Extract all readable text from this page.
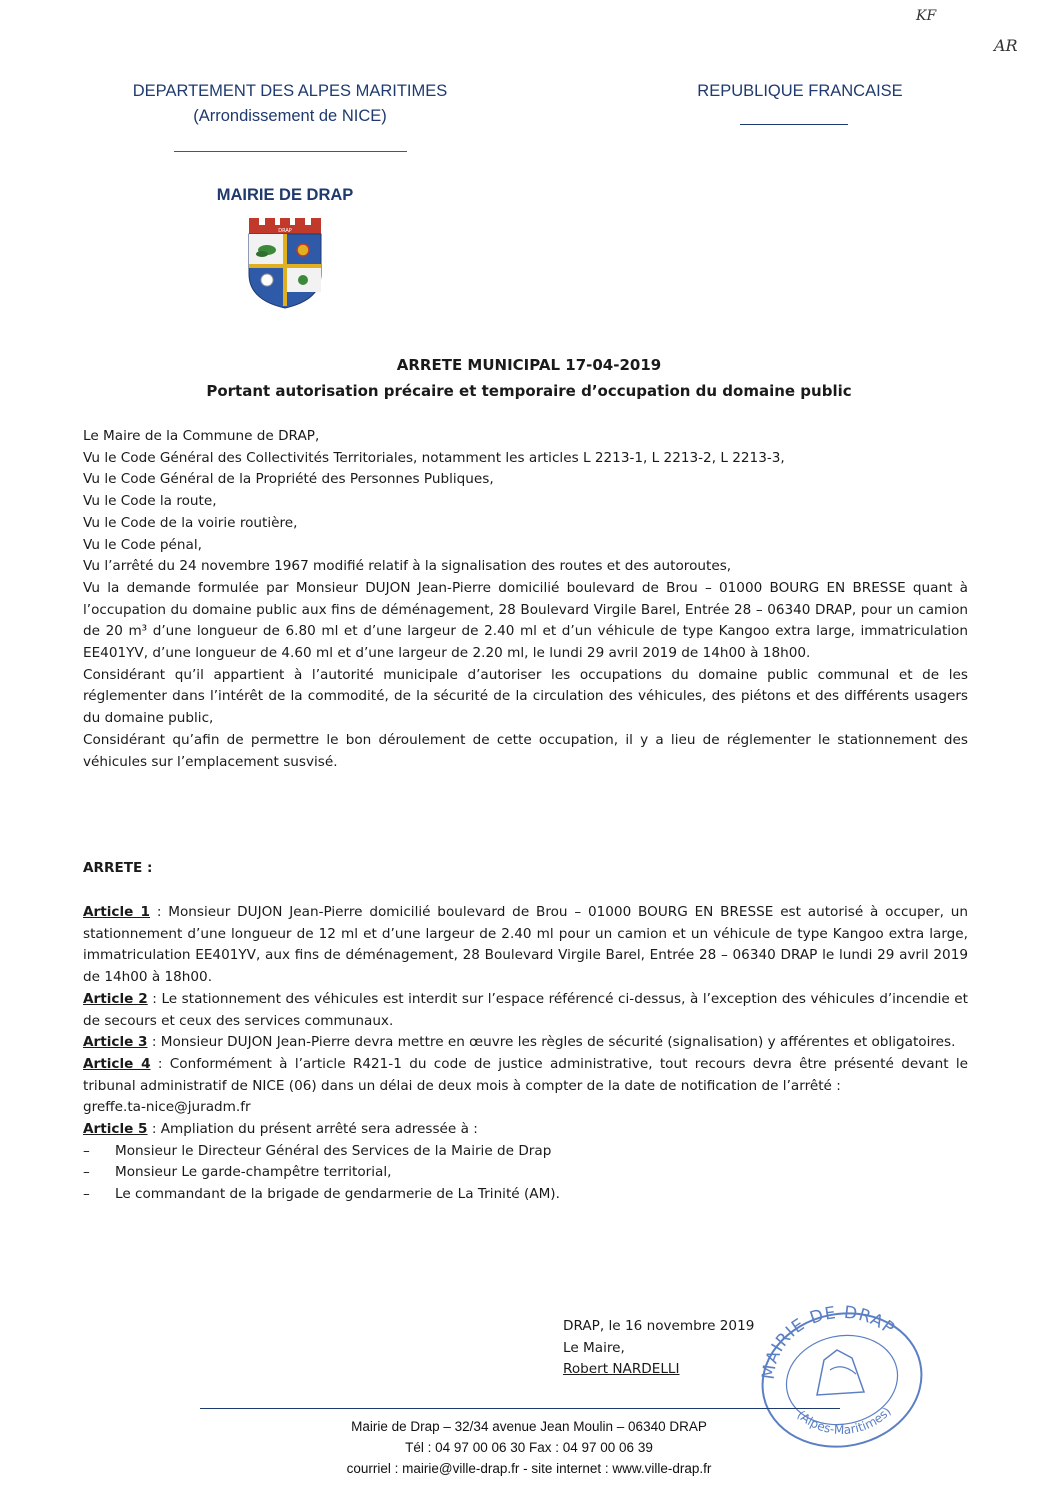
KF
AR
DEPARTEMENT DES ALPES MARITIMES
(Arrondissement de NICE)
MAIRIE DE DRAP
REPUBLIQUE FRANCAISE
DRAP
ARRETE MUNICIPAL 17-04-2019
Portant autorisation précaire et temporaire d’occupation du domaine public

Le Maire de la Commune de DRAP,

Vu le Code Général des Collectivités Territoriales, notamment les articles L 2213-1, L 2213-2, L 2213-3,

Vu le Code Général de la Propriété des Personnes Publiques,

Vu le Code la route,

Vu le Code de la voirie routière,

Vu le Code pénal,

Vu l’arrêté du 24 novembre 1967 modifié relatif à la signalisation des routes et des autoroutes,

Vu la demande formulée par Monsieur DUJON Jean-Pierre domicilié boulevard de Brou – 01000 BOURG EN BRESSE quant à l’occupation du domaine public aux fins de déménagement, 28 Boulevard Virgile Barel, Entrée 28 – 06340 DRAP, pour un camion de 20 m³ d’une longueur de 6.80 ml et d’une largeur de 2.40 ml et d’un véhicule de type Kangoo extra large, immatriculation EE401YV, d’une longueur de 4.60 ml et d’une largeur de 2.20 ml, le lundi 29 avril 2019 de 14h00 à 18h00.

Considérant qu’il appartient à l’autorité municipale d’autoriser les occupations du domaine public communal et de les réglementer dans l’intérêt de la commodité, de la sécurité de la circulation des véhicules, des piétons et des différents usagers du domaine public,

Considérant qu’afin de permettre le bon déroulement de cette occupation, il y a lieu de réglementer le stationnement des véhicules sur l’emplacement susvisé.

ARRETE :

Article 1 : Monsieur DUJON Jean-Pierre domicilié boulevard de Brou – 01000 BOURG EN BRESSE est autorisé à occuper, un stationnement d’une longueur de 12 ml et d’une largeur de 2.40 ml pour un camion et un véhicule de type Kangoo extra large, immatriculation EE401YV, aux fins de déménagement, 28 Boulevard Virgile Barel, Entrée 28 – 06340 DRAP le lundi 29 avril 2019 de 14h00 à 18h00.

Article 2 : Le stationnement des véhicules est interdit sur l’espace référencé ci-dessus, à l’exception des véhicules d’incendie et de secours et ceux des services communaux.

Article 3 : Monsieur DUJON Jean-Pierre devra mettre en œuvre les règles de sécurité (signalisation) y afférentes et obligatoires.

Article 4 : Conformément à l’article R421-1 du code de justice administrative, tout recours devra être présenté devant le tribunal administratif de NICE (06) dans un délai de deux mois à compter de la date de notification de l’arrêté :

greffe.ta-nice@juradm.fr

Article 5 : Ampliation du présent arrêté sera adressée à :

–	Monsieur le Directeur Général des Services de la Mairie de Drap
–	Monsieur Le garde-champêtre territorial,
–	Le commandant de la brigade de gendarmerie de La Trinité (AM).
DRAP, le 16 novembre 2019
Le Maire,
Robert NARDELLI	MAIRIE DE DRAP
(Alpes-Maritimes)
Mairie de Drap – 32/34 avenue Jean Moulin – 06340 DRAP
Tél : 04 97 00 06 30 Fax : 04 97 00 06 39
courriel : mairie@ville-drap.fr - site internet : www.ville-drap.fr
